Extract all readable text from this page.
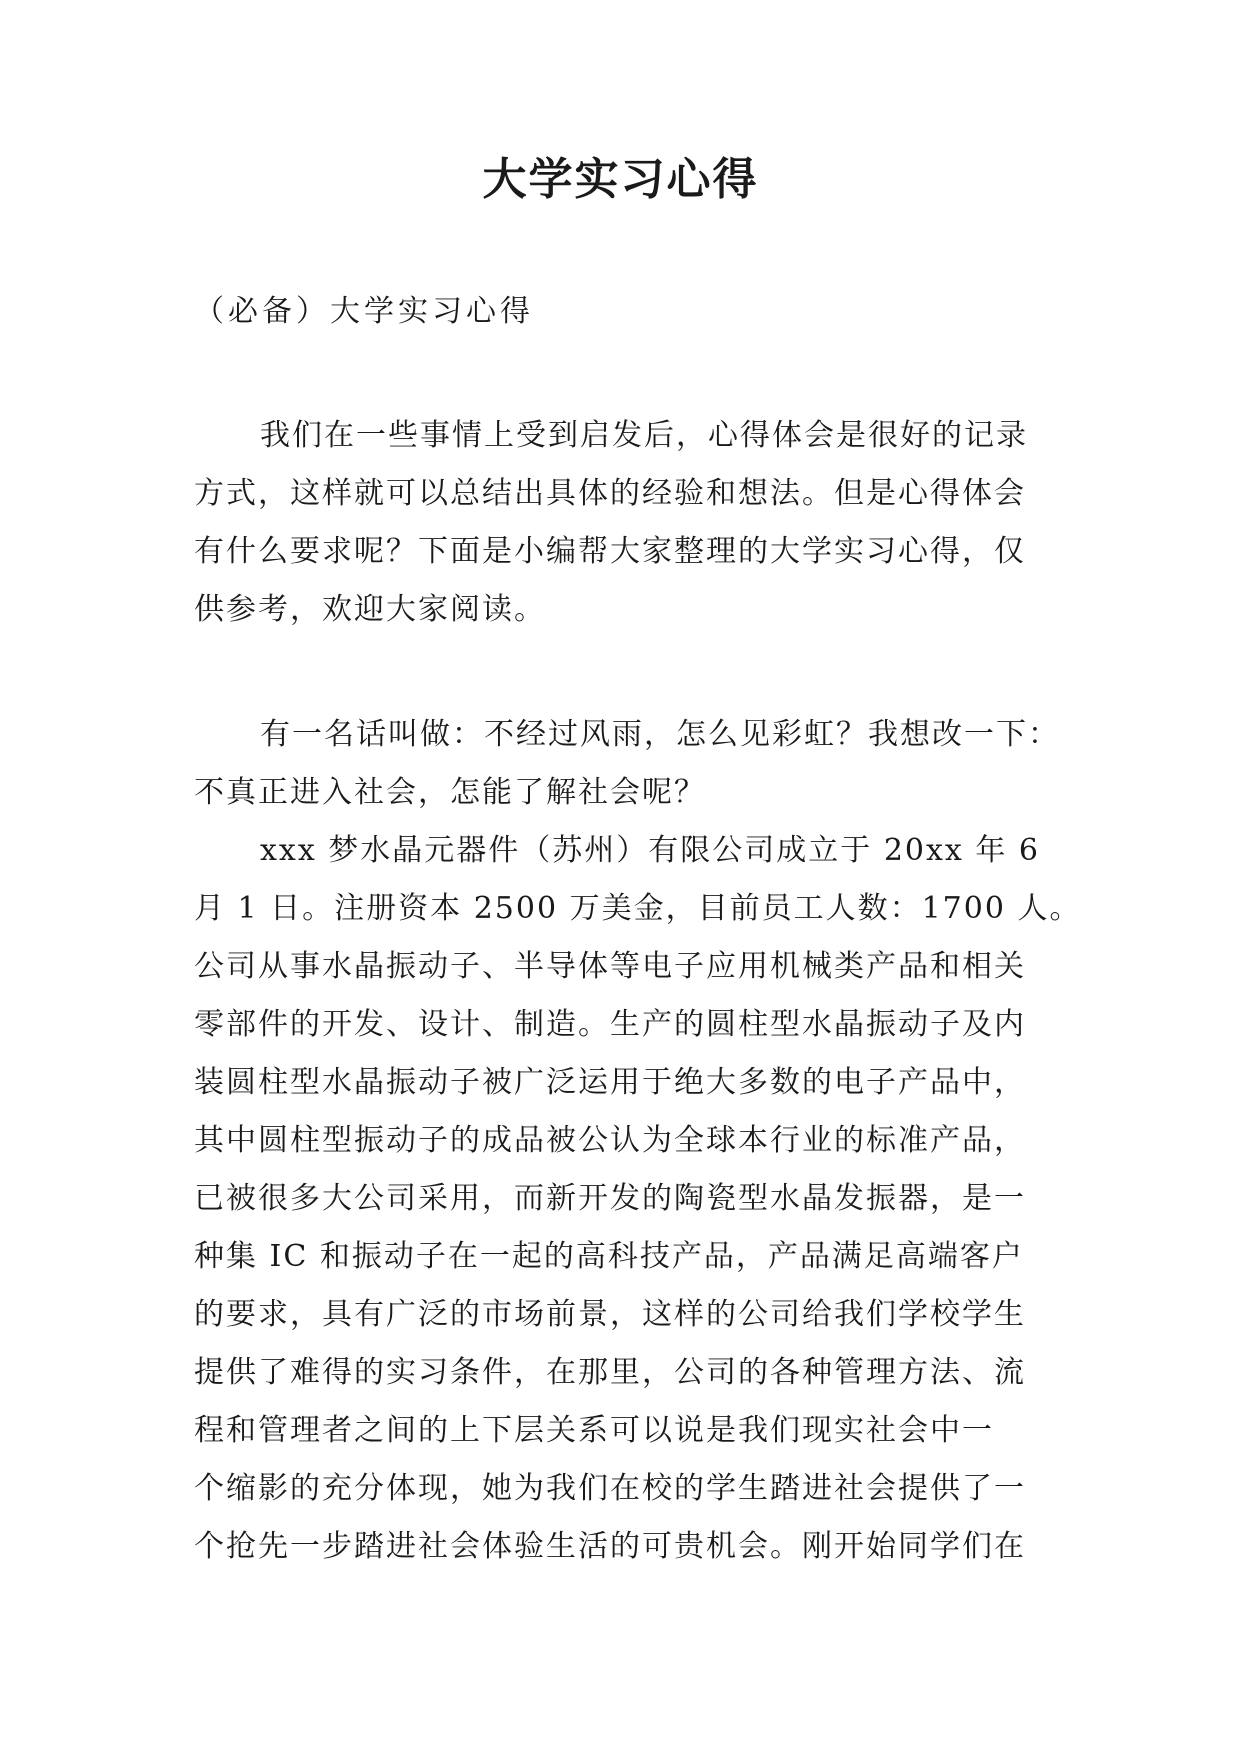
大学实习心得
（必备）大学实习心得
我们在一些事情上受到启发后，心得体会是很好的记录
方式，这样就可以总结出具体的经验和想法。但是心得体会
有什么要求呢？下面是小编帮大家整理的大学实习心得，仅
供参考，欢迎大家阅读。
有一名话叫做：不经过风雨，怎么见彩虹？我想改一下：
不真正进入社会，怎能了解社会呢？
xxx 梦水晶元器件（苏州）有限公司成立于 20xx 年 6
月 1 日。注册资本 2500 万美金，目前员工人数：1700 人。
公司从事水晶振动子、半导体等电子应用机械类产品和相关
零部件的开发、设计、制造。生产的圆柱型水晶振动子及内
装圆柱型水晶振动子被广泛运用于绝大多数的电子产品中，
其中圆柱型振动子的成品被公认为全球本行业的标准产品，
已被很多大公司采用，而新开发的陶瓷型水晶发振器，是一
种集 IC 和振动子在一起的高科技产品，产品满足高端客户
的要求，具有广泛的市场前景，这样的公司给我们学校学生
提供了难得的实习条件，在那里，公司的各种管理方法、流
程和管理者之间的上下层关系可以说是我们现实社会中一
个缩影的充分体现，她为我们在校的学生踏进社会提供了一
个抢先一步踏进社会体验生活的可贵机会。刚开始同学们在
